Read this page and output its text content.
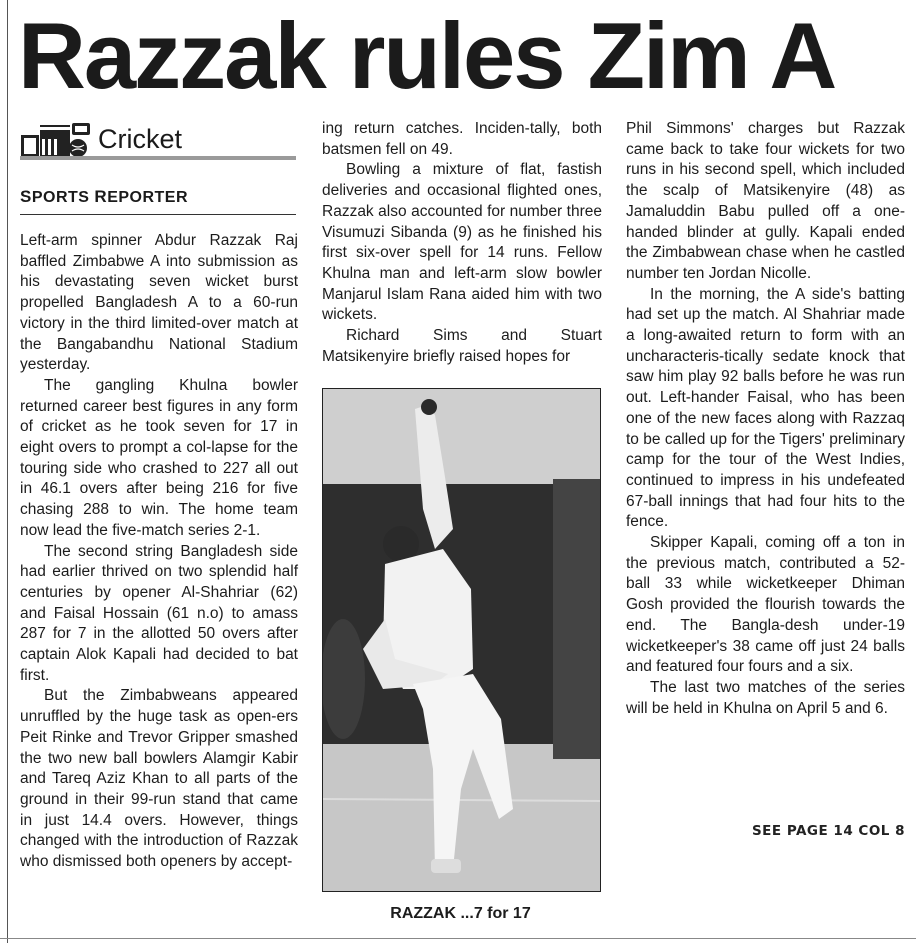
Razzak rules Zim A
Cricket
SPORTS REPORTER

Left-arm spinner Abdur Razzak Raj baffled Zimbabwe A into submission as his devastating seven wicket burst propelled Bangladesh A to a 60-run victory in the third limited-over match at the Bangabandhu National Stadium yesterday.

The gangling Khulna bowler returned career best figures in any form of cricket as he took seven for 17 in eight overs to prompt a col-lapse for the touring side who crashed to 227 all out in 46.1 overs after being 216 for five chasing 288 to win. The home team now lead the five-match series 2-1.

The second string Bangladesh side had earlier thrived on two splendid half centuries by opener Al-Shahriar (62) and Faisal Hossain (61 n.o) to amass 287 for 7 in the allotted 50 overs after captain Alok Kapali had decided to bat first.

But the Zimbabweans appeared unruffled by the huge task as open-ers Peit Rinke and Trevor Gripper smashed the two new ball bowlers Alamgir Kabir and Tareq Aziz Khan to all parts of the ground in their 99-run stand that came in just 14.4 overs. However, things changed with the introduction of Razzak who dismissed both openers by accept-

ing return catches. Inciden-tally, both batsmen fell on 49.

Bowling a mixture of flat, fastish deliveries and occasional flighted ones, Razzak also accounted for number three Visumuzi Sibanda (9) as he finished his first six-over spell for 14 runs. Fellow Khulna man and left-arm slow bowler Manjarul Islam Rana aided him with two wickets.

Richard Sims and Stuart Matsikenyire briefly raised hopes for

RAZZAK ...7 for 17

Phil Simmons' charges but Razzak came back to take four wickets for two runs in his second spell, which included the scalp of Matsikenyire (48) as Jamaluddin Babu pulled off a one-handed blinder at gully. Kapali ended the Zimbabwean chase when he castled number ten Jordan Nicolle.

In the morning, the A side's batting had set up the match. Al Shahriar made a long-awaited return to form with an uncharacteris-tically sedate knock that saw him play 92 balls before he was run out. Left-hander Faisal, who has been one of the new faces along with Razzaq to be called up for the Tigers' preliminary camp for the tour of the West Indies, continued to impress in his undefeated 67-ball innings that had four hits to the fence.

Skipper Kapali, coming off a ton in the previous match, contributed a 52-ball 33 while wicketkeeper Dhiman Gosh provided the flourish towards the end. The Bangla-desh under-19 wicketkeeper's 38 came off just 24 balls and featured four fours and a six.

The last two matches of the series will be held in Khulna on April 5 and 6.

SEE PAGE 14 COL 8
